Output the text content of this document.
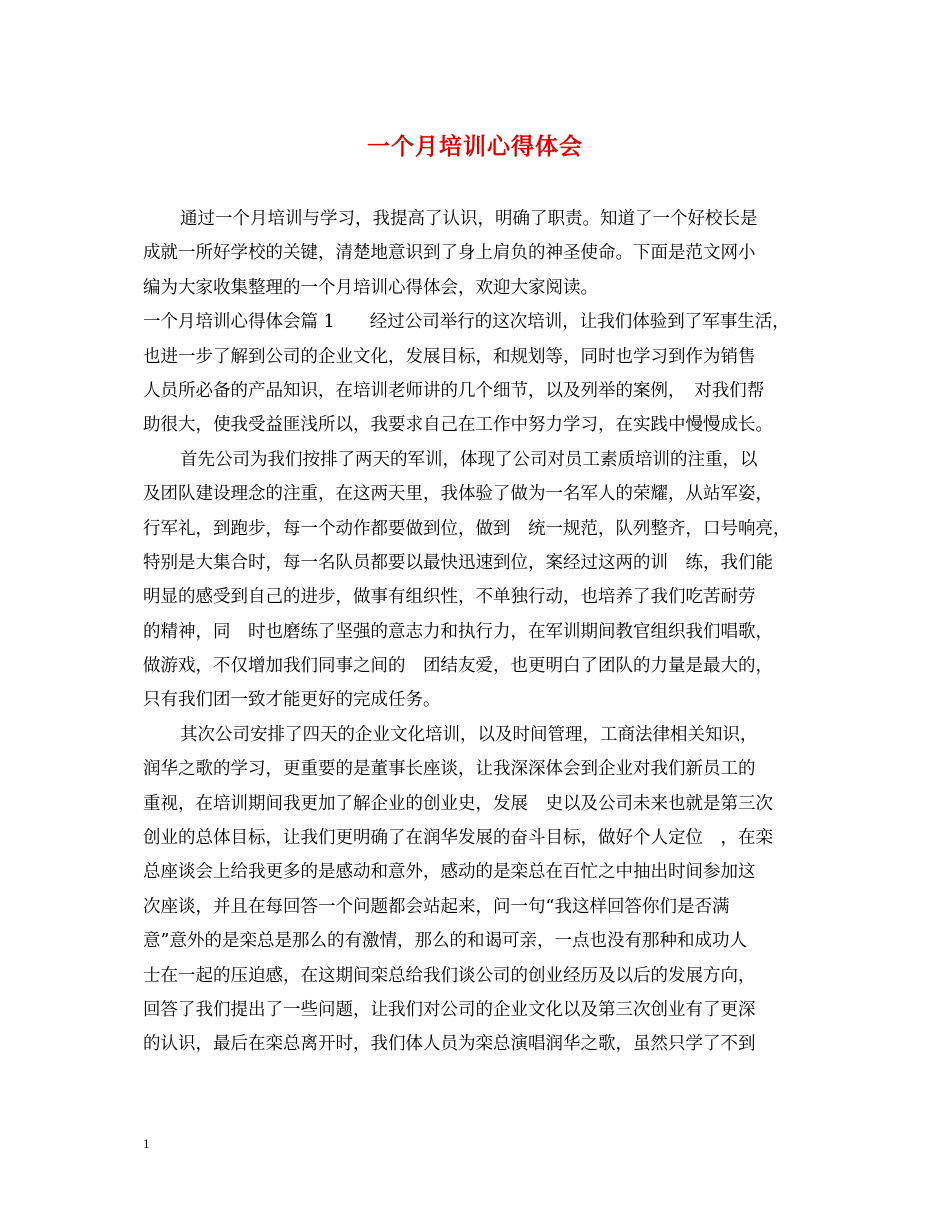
一个月培训心得体会
通过一个月培训与学习，我提高了认识，明确了职责。知道了一个好校长是
成就一所好学校的关键，清楚地意识到了身上肩负的神圣使命。下面是范文网小
编为大家收集整理的一个月培训心得体会，欢迎大家阅读。
一个月培训心得体会篇 1　　经过公司举行的这次培训，让我们体验到了军事生活，
也进一步了解到公司的企业文化，发展目标，和规划等，同时也学习到作为销售
人员所必备的产品知识，在培训老师讲的几个细节，以及列举的案例，　对我们帮
助很大，使我受益匪浅所以，我要求自己在工作中努力学习，在实践中慢慢成长。
首先公司为我们按排了两天的军训，体现了公司对员工素质培训的注重，以
及团队建设理念的注重，在这两天里，我体验了做为一名军人的荣耀，从站军姿，
行军礼，到跑步，每一个动作都要做到位，做到　统一规范，队列整齐，口号响亮，
特别是大集合时，每一名队员都要以最快迅速到位，案经过这两的训　练，我们能
明显的感受到自己的进步，做事有组织性，不单独行动，也培养了我们吃苦耐劳
的精神，同　时也磨练了坚强的意志力和执行力，在军训期间教官组织我们唱歌，
做游戏，不仅增加我们同事之间的　团结友爱，也更明白了团队的力量是最大的，
只有我们团一致才能更好的完成任务。
其次公司安排了四天的企业文化培训，以及时间管理，工商法律相关知识，
润华之歌的学习，更重要的是董事长座谈，让我深深体会到企业对我们新员工的
重视，在培训期间我更加了解企业的创业史，发展　史以及公司未来也就是第三次
创业的总体目标，让我们更明确了在润华发展的奋斗目标，做好个人定位　，在栾
总座谈会上给我更多的是感动和意外，感动的是栾总在百忙之中抽出时间参加这
次座谈，并且在每回答一个问题都会站起来，问一句“我这样回答你们是否满
意”意外的是栾总是那么的有激情，那么的和谒可亲，一点也没有那种和成功人
士在一起的压迫感，在这期间栾总给我们谈公司的创业经历及以后的发展方向，
回答了我们提出了一些问题，让我们对公司的企业文化以及第三次创业有了更深
的认识，最后在栾总离开时，我们体人员为栾总演唱润华之歌，虽然只学了不到
1
